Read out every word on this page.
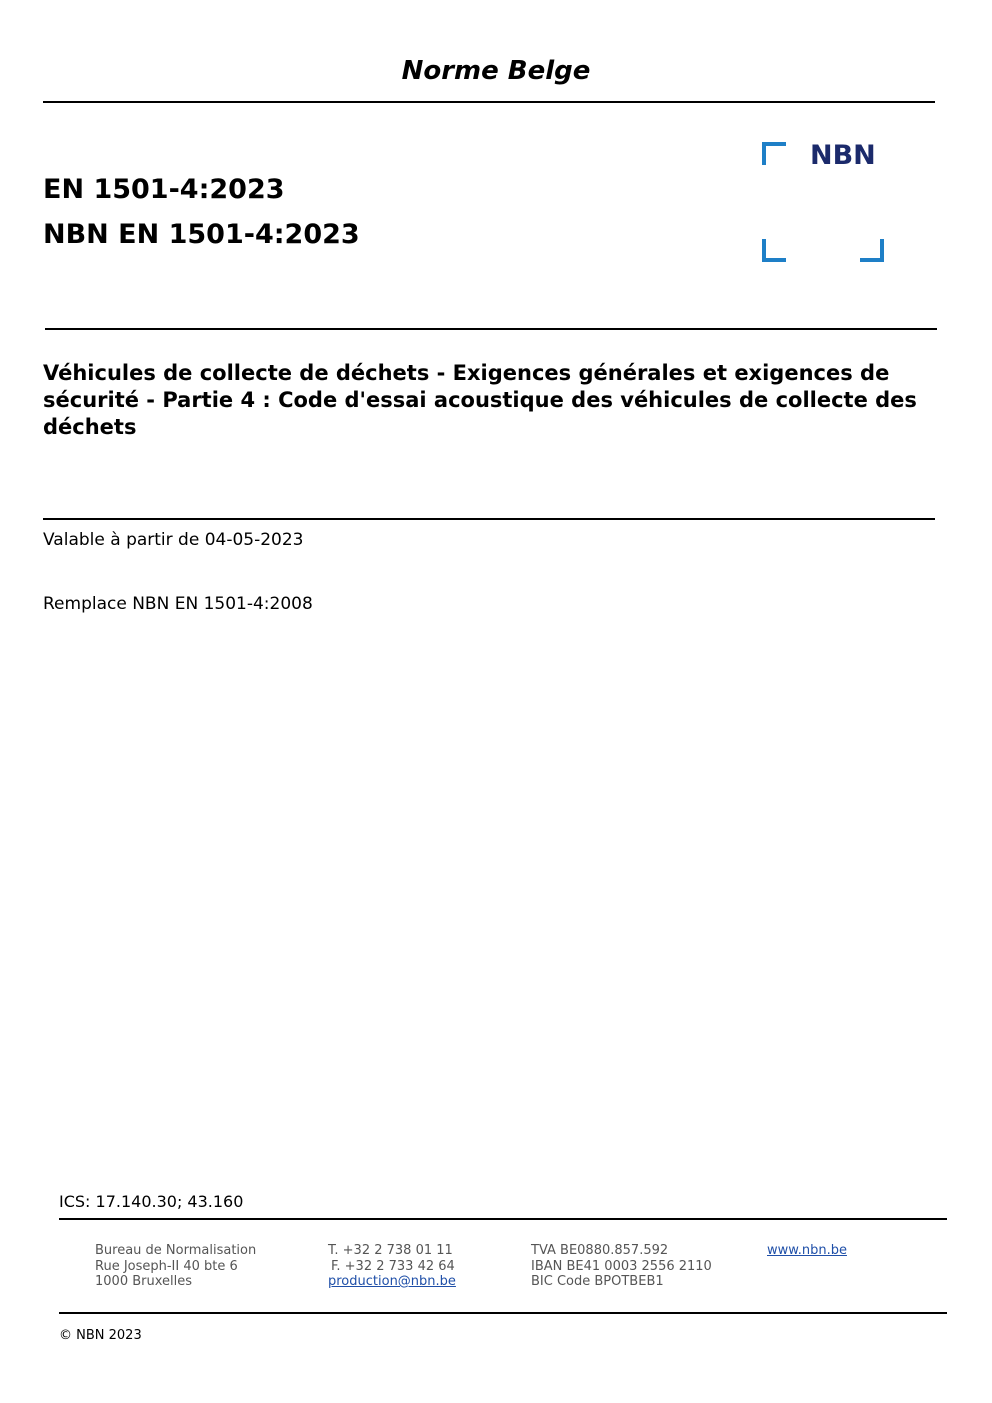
Norme Belge
EN 1501-4:2023
NBN EN 1501-4:2023
NBN
Véhicules de collecte de déchets - Exigences générales et exigences de sécurité - Partie 4 : Code d'essai acoustique des véhicules de collecte des déchets
Valable à partir de 04-05-2023
Remplace NBN EN 1501-4:2008
ICS: 17.140.30; 43.160
Bureau de Normalisation
Rue Joseph-II 40 bte 6
1000 Bruxelles
T. +32 2 738 01 11
F. +32 2 733 42 64
production@nbn.be
TVA BE0880.857.592
IBAN BE41 0003 2556 2110
BIC Code BPOTBEB1
www.nbn.be
© NBN 2023
